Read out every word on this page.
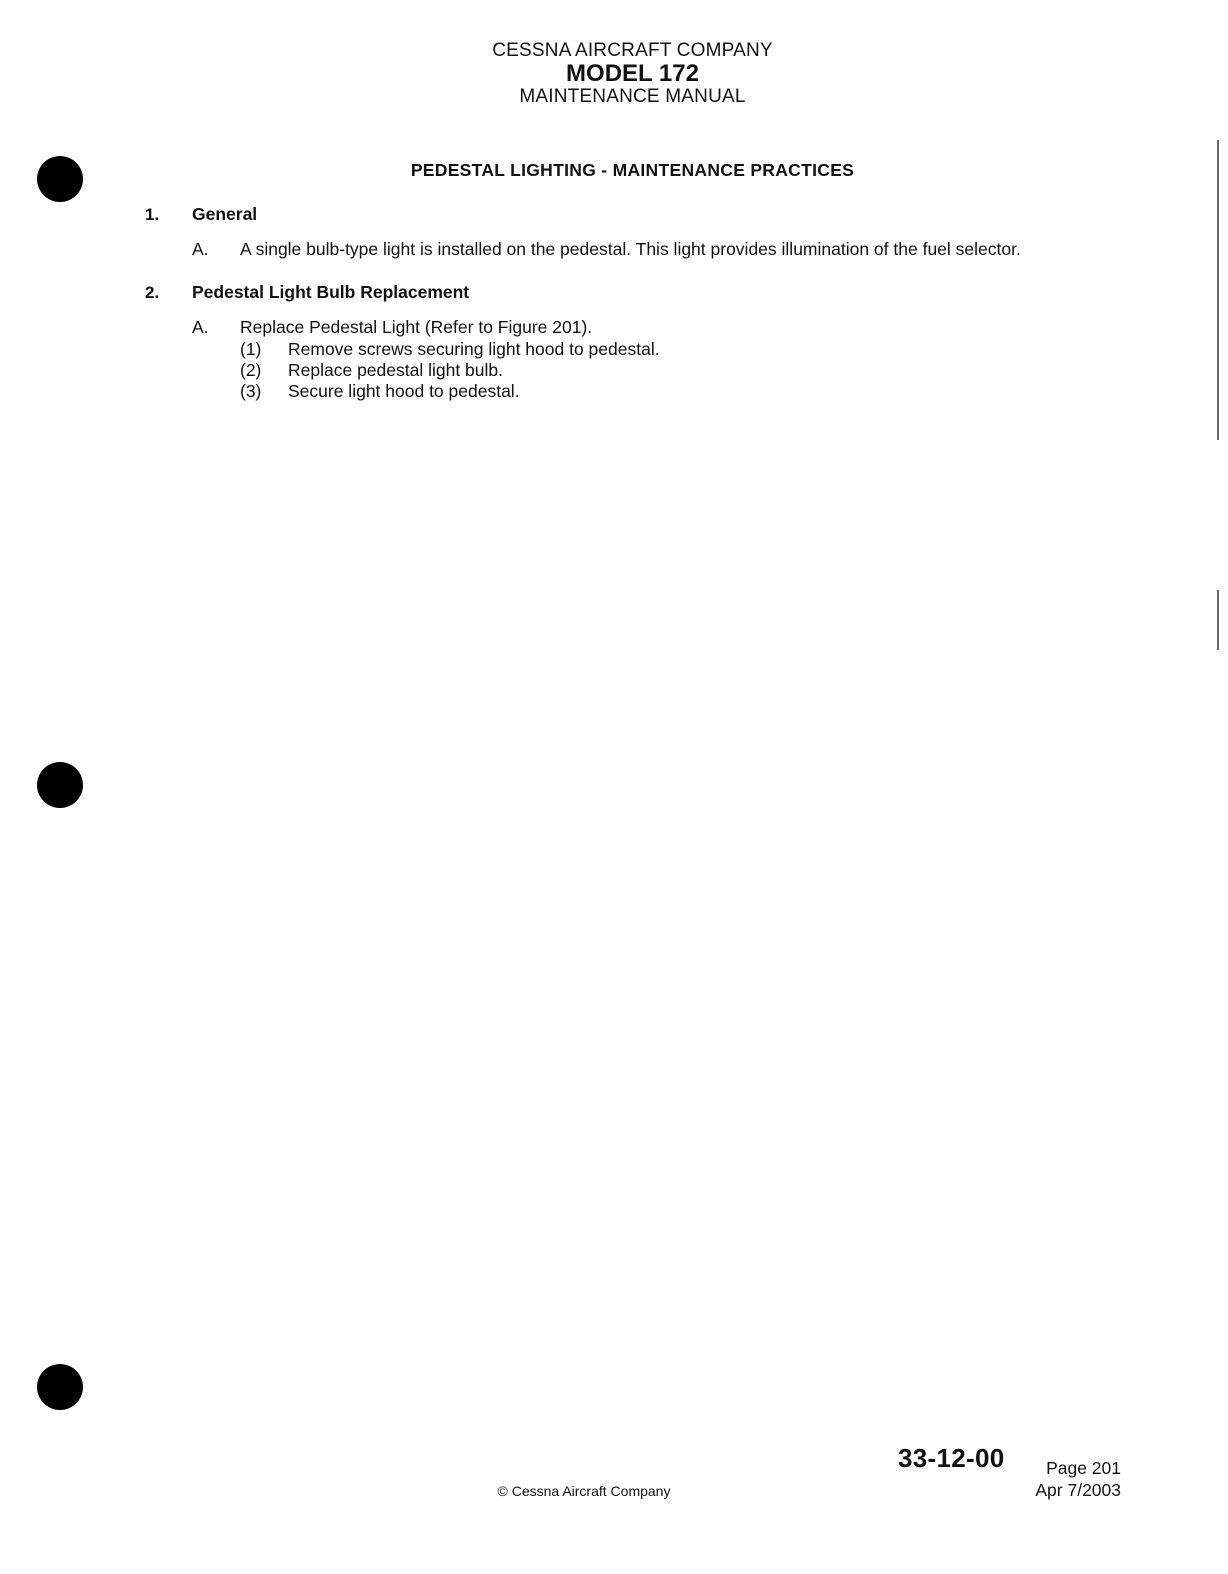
CESSNA AIRCRAFT COMPANY
MODEL 172
MAINTENANCE MANUAL
PEDESTAL LIGHTING - MAINTENANCE PRACTICES
1. General
A. A single bulb-type light is installed on the pedestal. This light provides illumination of the fuel selector.
2. Pedestal Light Bulb Replacement
A. Replace Pedestal Light (Refer to Figure 201).
(1) Remove screws securing light hood to pedestal.
(2) Replace pedestal light bulb.
(3) Secure light hood to pedestal.
33-12-00 Page 201
Apr 7/2003
© Cessna Aircraft Company
